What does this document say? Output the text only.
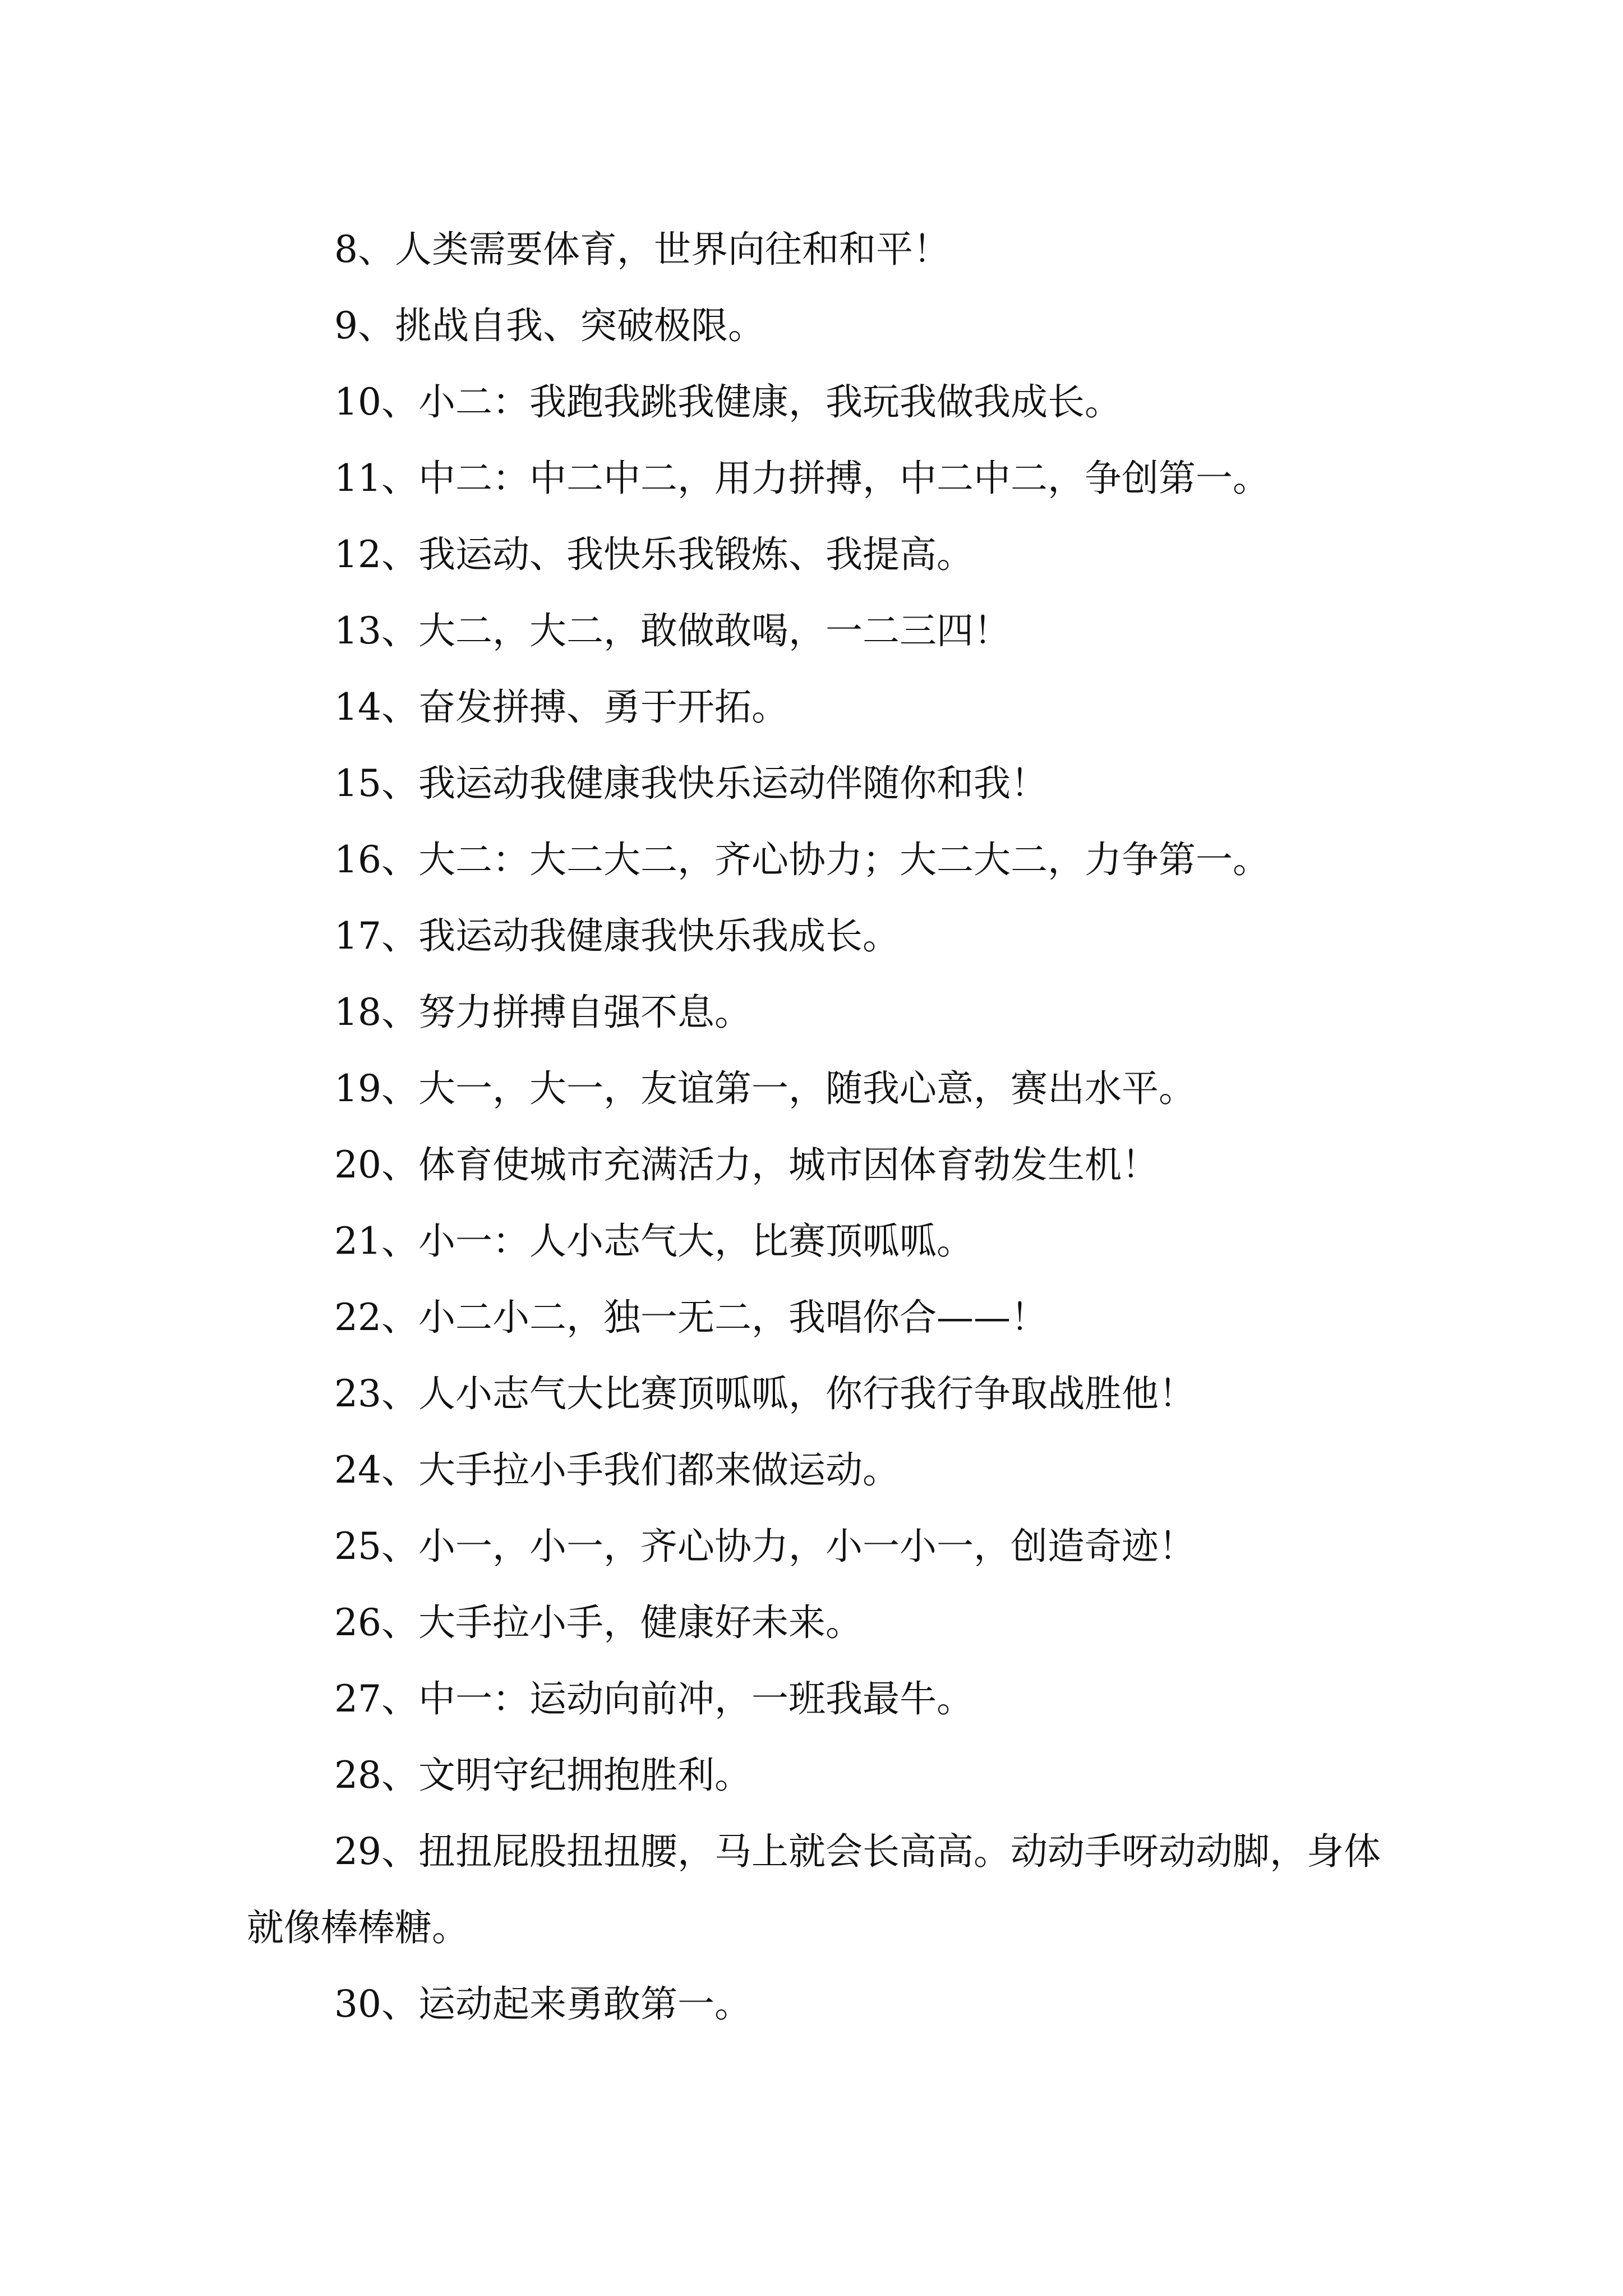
8、人类需要体育，世界向往和和平！

9、挑战自我、突破极限。

10、小二：我跑我跳我健康，我玩我做我成长。

11、中二：中二中二，用力拼搏，中二中二，争创第一。

12、我运动、我快乐我锻炼、我提高。

13、大二，大二，敢做敢喝，一二三四！

14、奋发拼搏、勇于开拓。

15、我运动我健康我快乐运动伴随你和我！

16、大二：大二大二，齐心协力；大二大二，力争第一。

17、我运动我健康我快乐我成长。

18、努力拼搏自强不息。

19、大一，大一，友谊第一，随我心意，赛出水平。

20、体育使城市充满活力，城市因体育勃发生机！

21、小一：人小志气大，比赛顶呱呱。

22、小二小二，独一无二，我唱你合——！

23、人小志气大比赛顶呱呱，你行我行争取战胜他！

24、大手拉小手我们都来做运动。

25、小一，小一，齐心协力，小一小一，创造奇迹！

26、大手拉小手，健康好未来。

27、中一：运动向前冲，一班我最牛。

28、文明守纪拥抱胜利。

29、扭扭屁股扭扭腰，马上就会长高高。动动手呀动动脚，身体就像棒棒糖。

30、运动起来勇敢第一。
